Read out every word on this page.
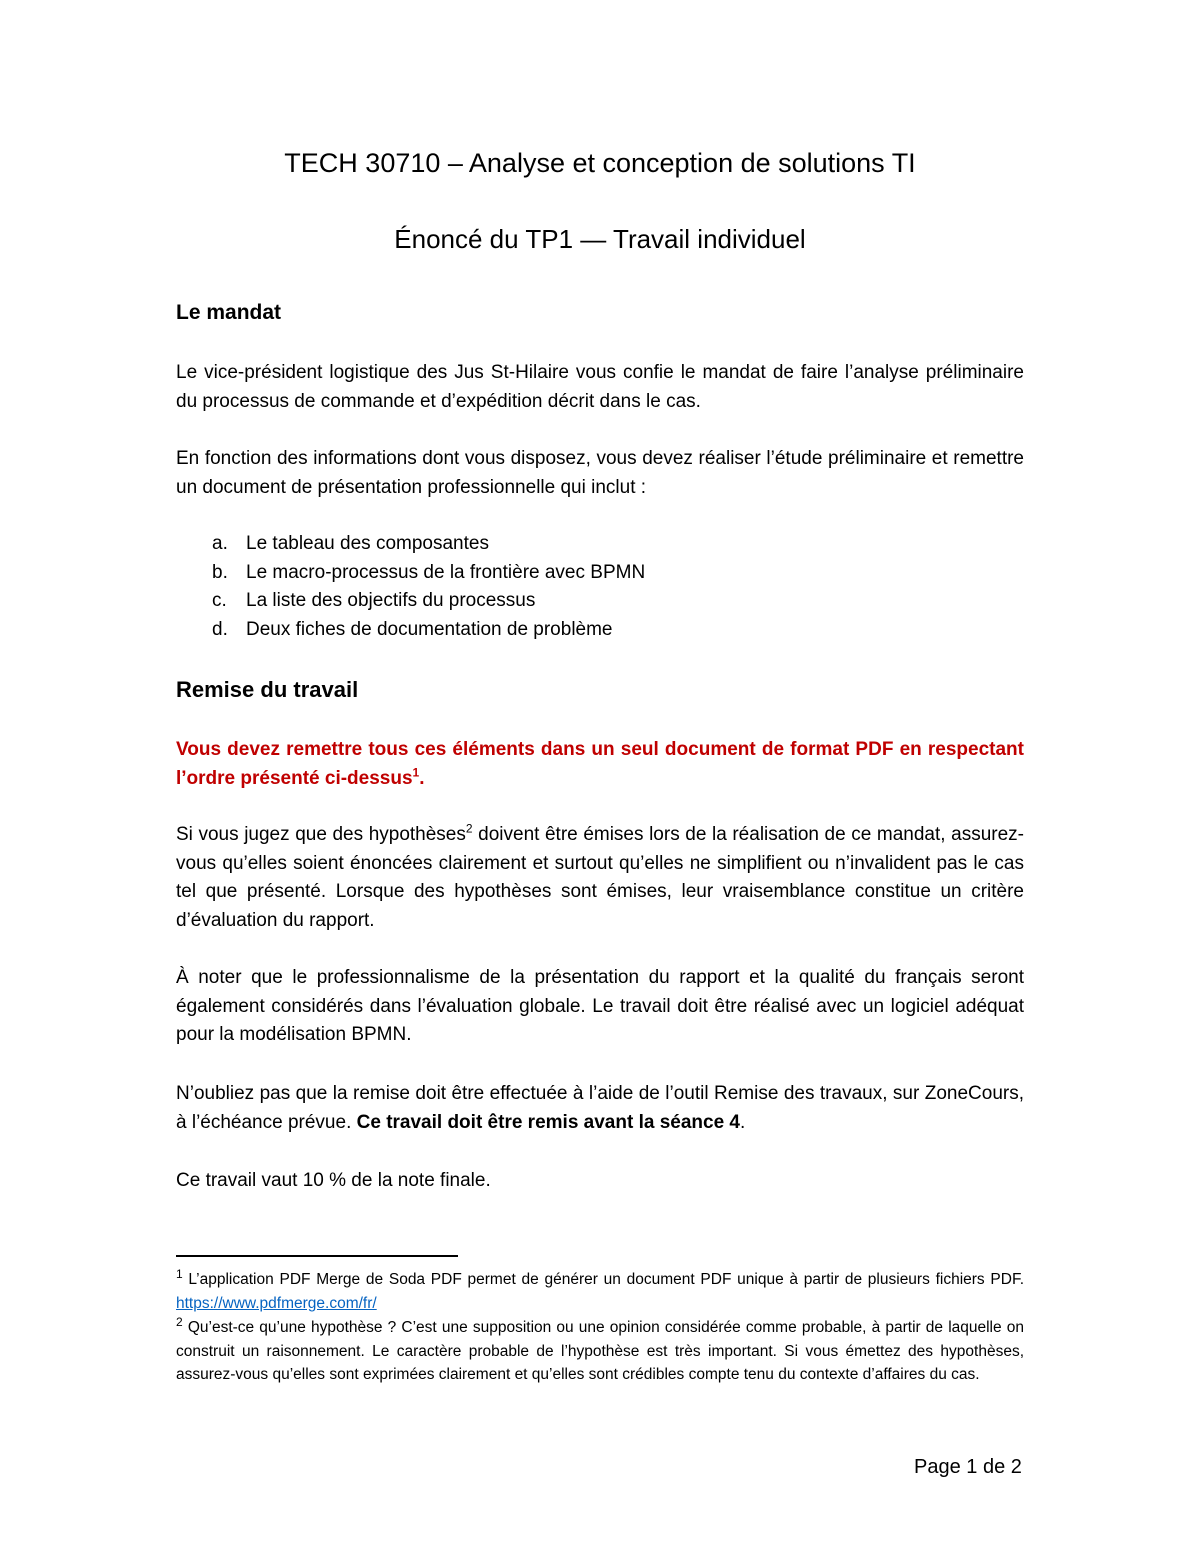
TECH 30710 – Analyse et conception de solutions TI
Énoncé du TP1 — Travail individuel
Le mandat

Le vice-président logistique des Jus St-Hilaire vous confie le mandat de faire l’analyse préliminaire du processus de commande et d’expédition décrit dans le cas.

En fonction des informations dont vous disposez, vous devez réaliser l’étude préliminaire et remettre un document de présentation professionnelle qui inclut :

a. Le tableau des composantes
b. Le macro-processus de la frontière avec BPMN
c. La liste des objectifs du processus
d. Deux fiches de documentation de problème
Remise du travail

Vous devez remettre tous ces éléments dans un seul document de format PDF en respectant l’ordre présenté ci-dessus$^1$.

Si vous jugez que des hypothèses$^2$ doivent être émises lors de la réalisation de ce mandat, assurez-vous qu’elles soient énoncées clairement et surtout qu’elles ne simplifient ou n’invalident pas le cas tel que présenté. Lorsque des hypothèses sont émises, leur vraisemblance constitue un critère d’évaluation du rapport.

À noter que le professionnalisme de la présentation du rapport et la qualité du français seront également considérés dans l’évaluation globale. Le travail doit être réalisé avec un logiciel adéquat pour la modélisation BPMN.

N’oubliez pas que la remise doit être effectuée à l’aide de l’outil Remise des travaux, sur ZoneCours, à l’échéance prévue. Ce travail doit être remis avant la séance 4.

Ce travail vaut 10 % de la note finale.

$^1$ L’application PDF Merge de Soda PDF permet de générer un document PDF unique à partir de plusieurs fichiers PDF. https://www.pdfmerge.com/fr/

$^2$ Qu’est-ce qu’une hypothèse ? C’est une supposition ou une opinion considérée comme probable, à partir de laquelle on construit un raisonnement. Le caractère probable de l’hypothèse est très important. Si vous émettez des hypothèses, assurez-vous qu’elles sont exprimées clairement et qu’elles sont crédibles compte tenu du contexte d’affaires du cas.

Page 1 de 2
